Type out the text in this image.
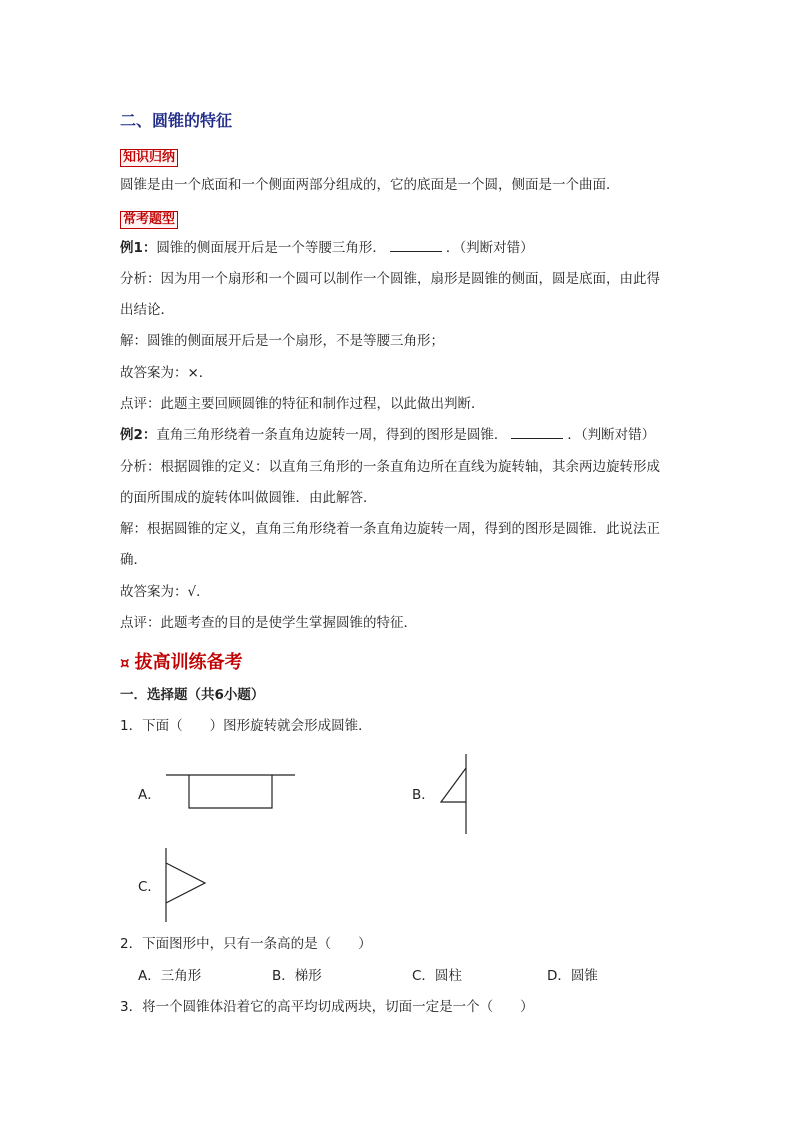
二、圆锥的特征
知识归纳
圆锥是由一个底面和一个侧面两部分组成的，它的底面是一个圆，侧面是一个曲面．
常考题型
例1：圆锥的侧面展开后是一个等腰三角形．	．（判断对错）
分析：因为用一个扇形和一个圆可以制作一个圆锥，扇形是圆锥的侧面，圆是底面，由此得
出结论．
解：圆锥的侧面展开后是一个扇形，不是等腰三角形；
故答案为：×．
点评：此题主要回顾圆锥的特征和制作过程，以此做出判断．
例2：直角三角形绕着一条直角边旋转一周，得到的图形是圆锥．	．（判断对错）
分析：根据圆锥的定义：以直角三角形的一条直角边所在直线为旋转轴，其余两边旋转形成
的面所围成的旋转体叫做圆锥．由此解答．
解：根据圆锥的定义，直角三角形绕着一条直角边旋转一周，得到的图形是圆锥．此说法正
确．
故答案为：√．
点评：此题考查的目的是使学生掌握圆锥的特征．
¤ 拔高训练备考
一．选择题（共6小题）
1．下面（　　）图形旋转就会形成圆锥．
A．	B．
C．
2．下面图形中，只有一条高的是（　　）
A．三角形	B．梯形	C．圆柱	D．圆锥
3．将一个圆锥体沿着它的高平均切成两块，切面一定是一个（　　）
